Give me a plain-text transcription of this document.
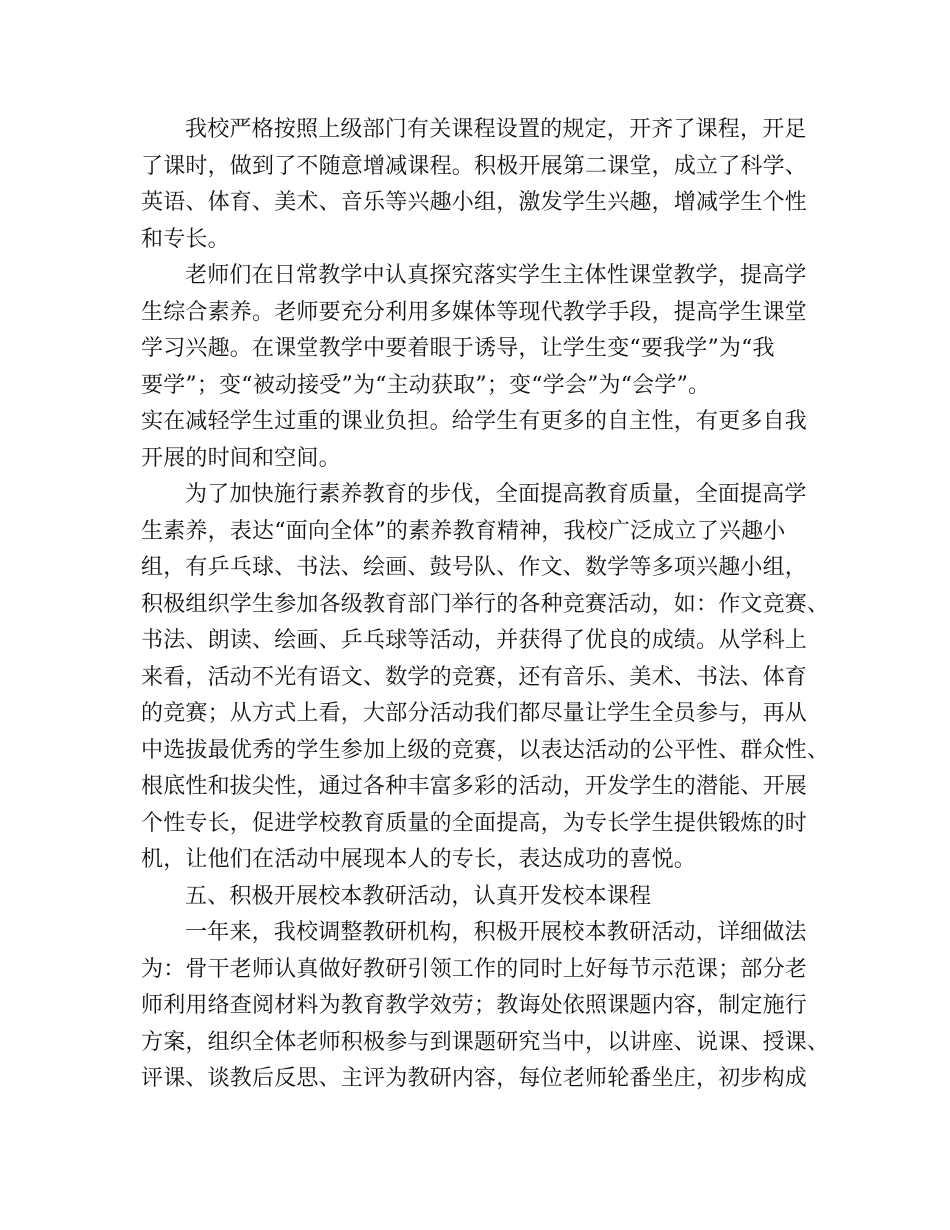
我校严格按照上级部门有关课程设置的规定，开齐了课程，开足
了课时，做到了不随意增减课程。积极开展第二课堂，成立了科学、
英语、体育、美术、音乐等兴趣小组，激发学生兴趣，增减学生个性
和专长。
老师们在日常教学中认真探究落实学生主体性课堂教学，提高学
生综合素养。老师要充分利用多媒体等现代教学手段，提高学生课堂
学习兴趣。在课堂教学中要着眼于诱导，让学生变“要我学”为“我
要学”；变“被动接受”为“主动获取”；变“学会”为“会学”。
实在减轻学生过重的课业负担。给学生有更多的自主性，有更多自我
开展的时间和空间。
为了加快施行素养教育的步伐，全面提高教育质量，全面提高学
生素养，表达“面向全体”的素养教育精神，我校广泛成立了兴趣小
组，有乒乓球、书法、绘画、鼓号队、作文、数学等多项兴趣小组，
积极组织学生参加各级教育部门举行的各种竞赛活动，如：作文竞赛、
书法、朗读、绘画、乒乓球等活动，并获得了优良的成绩。从学科上
来看，活动不光有语文、数学的竞赛，还有音乐、美术、书法、体育
的竞赛；从方式上看，大部分活动我们都尽量让学生全员参与，再从
中选拔最优秀的学生参加上级的竞赛，以表达活动的公平性、群众性、
根底性和拔尖性，通过各种丰富多彩的活动，开发学生的潜能、开展
个性专长，促进学校教育质量的全面提高，为专长学生提供锻炼的时
机，让他们在活动中展现本人的专长，表达成功的喜悦。
五、积极开展校本教研活动，认真开发校本课程
一年来，我校调整教研机构，积极开展校本教研活动，详细做法
为：骨干老师认真做好教研引领工作的同时上好每节示范课；部分老
师利用络查阅材料为教育教学效劳；教诲处依照课题内容，制定施行
方案，组织全体老师积极参与到课题研究当中，以讲座、说课、授课、
评课、谈教后反思、主评为教研内容，每位老师轮番坐庄，初步构成
